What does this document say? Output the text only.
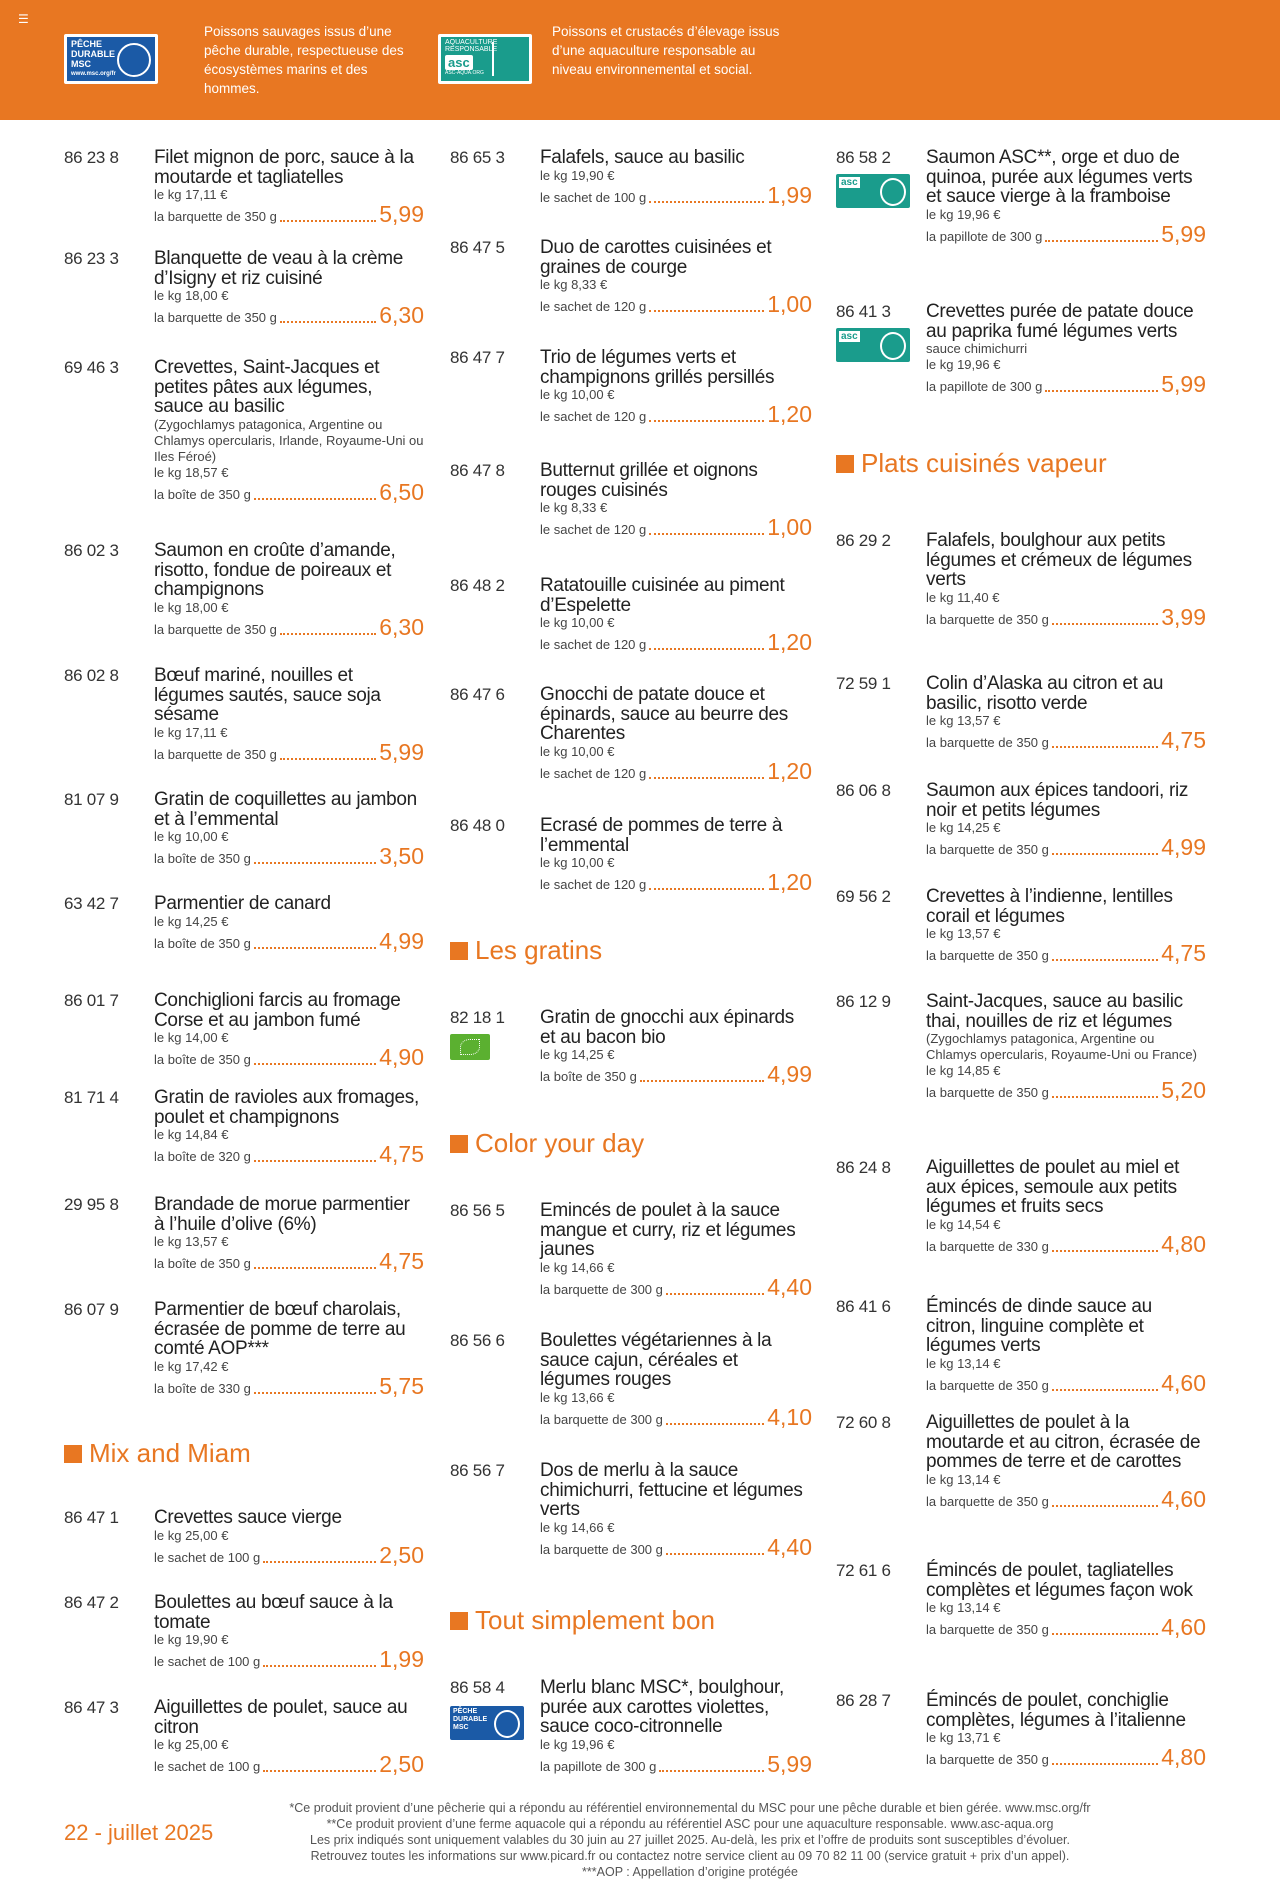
☰
PÊCHE
DURABLE
MSC
www.msc.org/fr
Poissons sauvages issus d’une pêche durable, respectueuse des écosystèmes marins et des hommes.
AQUACULTURE RESPONSABLE
asc
ASC-AQUA.ORG
Poissons et crustacés d’élevage issus d’une aquaculture responsable au niveau environnemental et social.
86 23 8 Filet mignon de porc, sauce à la moutarde et tagliatelles
le kg 17,11 €
la barquette de 350 g	5,99
86 23 3 Blanquette de veau à la crème d’Isigny et riz cuisiné
le kg 18,00 €
la barquette de 350 g	6,30
69 46 3 Crevettes, Saint-Jacques et petites pâtes aux légumes, sauce au basilic
(Zygochlamys patagonica, Argentine ou Chlamys opercularis, Irlande, Royaume-Uni ou Iles Féroé)
le kg 18,57 €
la boîte de 350 g	6,50
86 02 3 Saumon en croûte d’amande, risotto, fondue de poireaux et champignons
le kg 18,00 €
la barquette de 350 g	6,30
86 02 8 Bœuf mariné, nouilles et légumes sautés, sauce soja sésame
le kg 17,11 €
la barquette de 350 g	5,99
81 07 9 Gratin de coquillettes au jambon et à l’emmental
le kg 10,00 €
la boîte de 350 g	3,50
63 42 7 Parmentier de canard
le kg 14,25 €
la boîte de 350 g	4,99
86 01 7 Conchiglioni farcis au fromage Corse et au jambon fumé
le kg 14,00 €
la boîte de 350 g	4,90
81 71 4 Gratin de ravioles aux fromages, poulet et champignons
le kg 14,84 €
la boîte de 320 g	4,75
29 95 8 Brandade de morue parmentier à l’huile d’olive (6%)
le kg 13,57 €
la boîte de 350 g	4,75
86 07 9 Parmentier de bœuf charolais, écrasée de pomme de terre au comté AOP***
le kg 17,42 €
la boîte de 330 g	5,75
Mix and Miam
86 47 1 Crevettes sauce vierge
le kg 25,00 €
le sachet de 100 g	2,50
86 47 2 Boulettes au bœuf sauce à la tomate
le kg 19,90 €
le sachet de 100 g	1,99
86 47 3 Aiguillettes de poulet, sauce au citron
le kg 25,00 €
le sachet de 100 g	2,50
86 65 3 Falafels, sauce au basilic
le kg 19,90 €
le sachet de 100 g	1,99
86 47 5 Duo de carottes cuisinées et graines de courge
le kg 8,33 €
le sachet de 120 g	1,00
86 47 7 Trio de légumes verts et champignons grillés persillés
le kg 10,00 €
le sachet de 120 g	1,20
86 47 8 Butternut grillée et oignons rouges cuisinés
le kg 8,33 €
le sachet de 120 g	1,00
86 48 2 Ratatouille cuisinée au piment d’Espelette
le kg 10,00 €
le sachet de 120 g	1,20
86 47 6 Gnocchi de patate douce et épinards, sauce au beurre des Charentes
le kg 10,00 €
le sachet de 120 g	1,20
86 48 0 Ecrasé de pommes de terre à l’emmental
le kg 10,00 €
le sachet de 120 g	1,20
Les gratins
82 18 1 Gratin de gnocchi aux épinards et au bacon bio
le kg 14,25 €
la boîte de 350 g	4,99
Color your day
86 56 5 Emincés de poulet à la sauce mangue et curry, riz et légumes jaunes
le kg 14,66 €
la barquette de 300 g	4,40
86 56 6 Boulettes végétariennes à la sauce cajun, céréales et légumes rouges
le kg 13,66 €
la barquette de 300 g	4,10
86 56 7 Dos de merlu à la sauce chimichurri, fettucine et légumes verts
le kg 14,66 €
la barquette de 300 g	4,40
Tout simplement bon
86 58 4
PÊCHE
DURABLE
MSC
Merlu blanc MSC*, boulghour, purée aux carottes violettes, sauce coco-citronnelle
le kg 19,96 €
la papillote de 300 g	5,99
86 58 2
asc
Saumon ASC**, orge et duo de quinoa, purée aux légumes verts et sauce vierge à la framboise
le kg 19,96 €
la papillote de 300 g	5,99
86 41 3
asc
Crevettes purée de patate douce au paprika fumé légumes verts
sauce chimichurri
le kg 19,96 €
la papillote de 300 g	5,99
Plats cuisinés vapeur
86 29 2 Falafels, boulghour aux petits légumes et crémeux de légumes verts
le kg 11,40 €
la barquette de 350 g	3,99
72 59 1 Colin d’Alaska au citron et au basilic, risotto verde
le kg 13,57 €
la barquette de 350 g	4,75
86 06 8 Saumon aux épices tandoori, riz noir et petits légumes
le kg 14,25 €
la barquette de 350 g	4,99
69 56 2 Crevettes à l’indienne, lentilles corail et légumes
le kg 13,57 €
la barquette de 350 g	4,75
86 12 9 Saint-Jacques, sauce au basilic thai, nouilles de riz et légumes
(Zygochlamys patagonica, Argentine ou Chlamys opercularis, Royaume-Uni ou France)
le kg 14,85 €
la barquette de 350 g	5,20
86 24 8 Aiguillettes de poulet au miel et aux épices, semoule aux petits légumes et fruits secs
le kg 14,54 €
la barquette de 330 g	4,80
86 41 6 Émincés de dinde sauce au citron, linguine complète et légumes verts
le kg 13,14 €
la barquette de 350 g	4,60
72 60 8 Aiguillettes de poulet à la moutarde et au citron, écrasée de pommes de terre et de carottes
le kg 13,14 €
la barquette de 350 g	4,60
72 61 6 Émincés de poulet, tagliatelles complètes et légumes façon wok
le kg 13,14 €
la barquette de 350 g	4,60
86 28 7 Émincés de poulet, conchiglie complètes, légumes à l’italienne
le kg 13,71 €
la barquette de 350 g	4,80
22 - juillet 2025
*Ce produit provient d’une pêcherie qui a répondu au référentiel environnemental du MSC pour une pêche durable et bien gérée. www.msc.org/fr
**Ce produit provient d’une ferme aquacole qui a répondu au référentiel ASC pour une aquaculture responsable. www.asc-aqua.org
Les prix indiqués sont uniquement valables du 30 juin au 27 juillet 2025. Au-delà, les prix et l’offre de produits sont susceptibles d’évoluer.
Retrouvez toutes les informations sur www.picard.fr ou contactez notre service client au 09 70 82 11 00 (service gratuit + prix d’un appel).
***AOP : Appellation d’origine protégée
